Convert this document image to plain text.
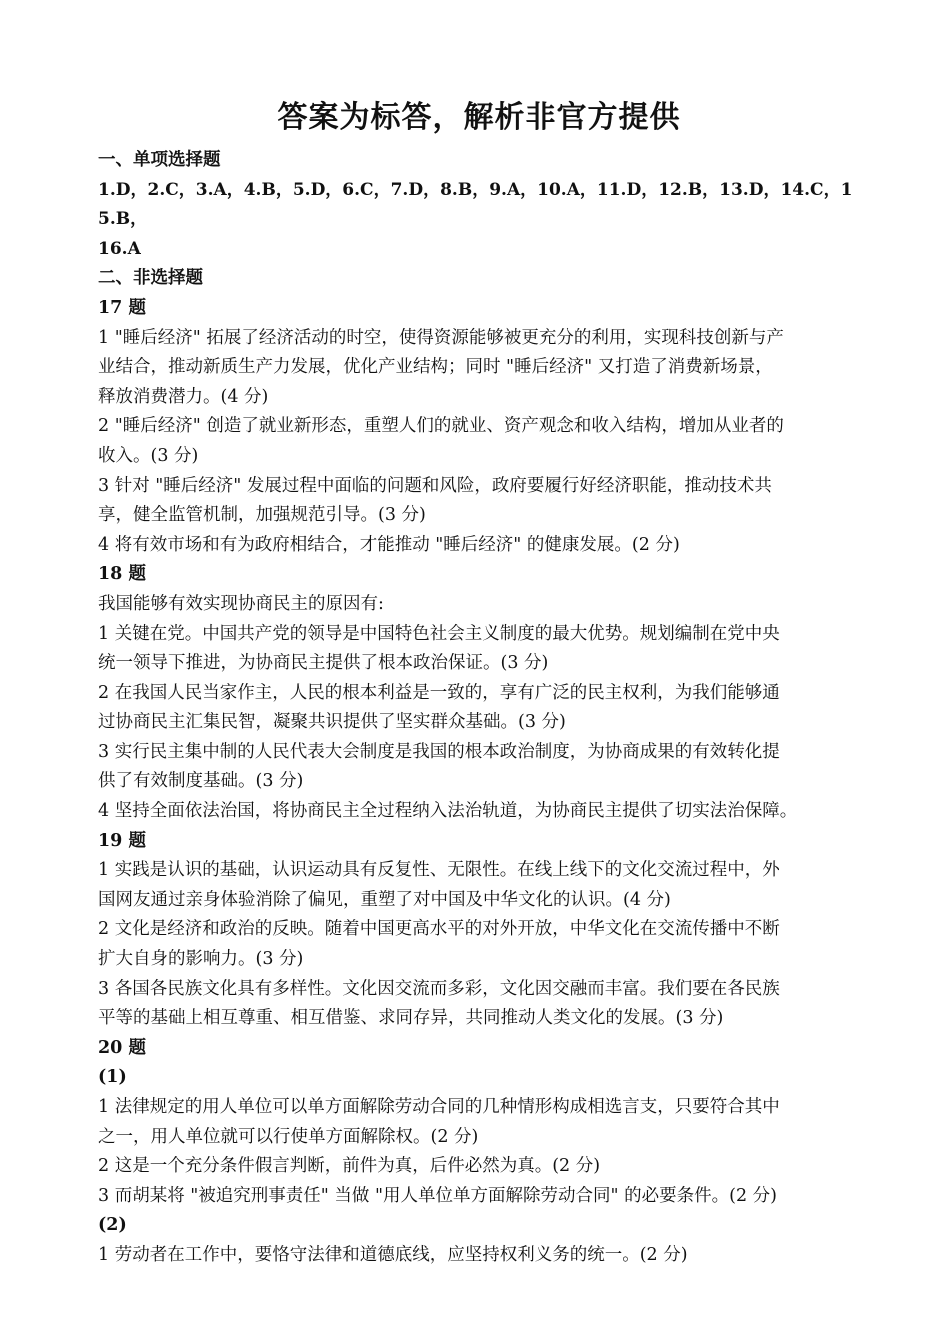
答案为标答，解析非官方提供

一、单项选择题

1.D，2.C，3.A，4.B，5.D，6.C，7.D，8.B，9.A，10.A，11.D，12.B，13.D，14.C，15.B，

16.A

二、非选择题

17 题

1 "睡后经济" 拓展了经济活动的时空，使得资源能够被更充分的利用，实现科技创新与产

业结合，推动新质生产力发展，优化产业结构；同时 "睡后经济" 又打造了消费新场景，

释放消费潜力。(4 分)

2 "睡后经济" 创造了就业新形态，重塑人们的就业、资产观念和收入结构，增加从业者的

收入。(3 分)

3 针对 "睡后经济" 发展过程中面临的问题和风险，政府要履行好经济职能，推动技术共

享，健全监管机制，加强规范引导。(3 分)

4 将有效市场和有为政府相结合，才能推动 "睡后经济" 的健康发展。(2 分)

18 题

我国能够有效实现协商民主的原因有:

1 关键在党。中国共产党的领导是中国特色社会主义制度的最大优势。规划编制在党中央

统一领导下推进，为协商民主提供了根本政治保证。(3 分)

2 在我国人民当家作主，人民的根本利益是一致的，享有广泛的民主权利，为我们能够通

过协商民主汇集民智，凝聚共识提供了坚实群众基础。(3 分)

3 实行民主集中制的人民代表大会制度是我国的根本政治制度，为协商成果的有效转化提

供了有效制度基础。(3 分)

4 坚持全面依法治国，将协商民主全过程纳入法治轨道，为协商民主提供了切实法治保障。

19 题

1 实践是认识的基础，认识运动具有反复性、无限性。在线上线下的文化交流过程中，外

国网友通过亲身体验消除了偏见，重塑了对中国及中华文化的认识。(4 分)

2 文化是经济和政治的反映。随着中国更高水平的对外开放，中华文化在交流传播中不断

扩大自身的影响力。(3 分)

3 各国各民族文化具有多样性。文化因交流而多彩，文化因交融而丰富。我们要在各民族

平等的基础上相互尊重、相互借鉴、求同存异，共同推动人类文化的发展。(3 分)

20 题

(1)

1 法律规定的用人单位可以单方面解除劳动合同的几种情形构成相选言支，只要符合其中

之一，用人单位就可以行使单方面解除权。(2 分)

2 这是一个充分条件假言判断，前件为真，后件必然为真。(2 分)

3 而胡某将 "被追究刑事责任" 当做 "用人单位单方面解除劳动合同" 的必要条件。(2 分)

(2)

1 劳动者在工作中，要恪守法律和道德底线，应坚持权利义务的统一。(2 分)
